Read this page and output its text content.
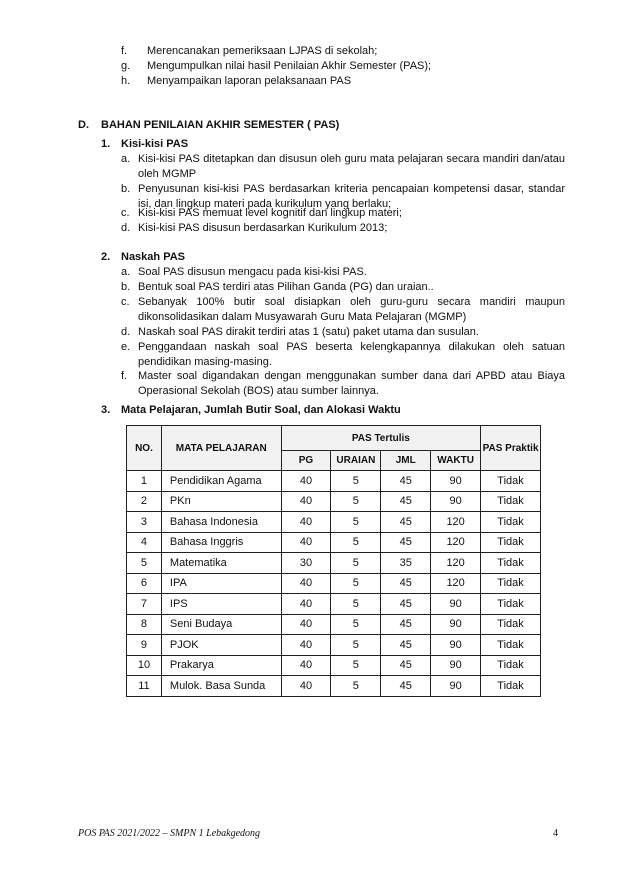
f.	Merencanakan pemeriksaan LJPAS di sekolah;
g.	Mengumpulkan nilai hasil Penilaian Akhir Semester (PAS);
h.	Menyampaikan laporan pelaksanaan PAS
D. BAHAN PENILAIAN AKHIR SEMESTER ( PAS)
1. Kisi-kisi PAS
a. Kisi-kisi PAS ditetapkan dan disusun oleh guru mata pelajaran secara mandiri dan/atau oleh MGMP
b. Penyusunan kisi-kisi PAS berdasarkan kriteria pencapaian kompetensi dasar, standar isi, dan lingkup materi pada kurikulum yang berlaku;
c. Kisi-kisi PAS memuat level kognitif dan lingkup materi;
d. Kisi-kisi PAS disusun berdasarkan Kurikulum 2013;
2. Naskah PAS
a. Soal PAS disusun mengacu pada kisi-kisi PAS.
b. Bentuk soal PAS terdiri atas Pilihan Ganda (PG) dan uraian..
c. Sebanyak 100% butir soal disiapkan oleh guru-guru secara mandiri maupun dikonsolidasikan dalam Musyawarah Guru Mata Pelajaran (MGMP)
d. Naskah soal PAS dirakit terdiri atas 1 (satu) paket utama dan susulan.
e. Penggandaan naskah soal PAS beserta kelengkapannya dilakukan oleh satuan pendidikan masing-masing.
f. Master soal digandakan dengan menggunakan sumber dana dari APBD atau Biaya Operasional Sekolah (BOS) atau sumber lainnya.
3. Mata Pelajaran, Jumlah Butir Soal, dan Alokasi Waktu
NO.	MATA PELAJARAN	PAS Tertulis				PAS Praktik
		PG	URAIAN	JML	WAKTU	
1	Pendidikan Agama	40	5	45	90	Tidak
2	PKn	40	5	45	90	Tidak
3	Bahasa Indonesia	40	5	45	120	Tidak
4	Bahasa Inggris	40	5	45	120	Tidak
5	Matematika	30	5	35	120	Tidak
6	IPA	40	5	45	120	Tidak
7	IPS	40	5	45	90	Tidak
8	Seni Budaya	40	5	45	90	Tidak
9	PJOK	40	5	45	90	Tidak
10	Prakarya	40	5	45	90	Tidak
11	Mulok. Basa Sunda	40	5	45	90	Tidak
POS PAS 2021/2022 – SMPN 1 Lebakgedong	4
